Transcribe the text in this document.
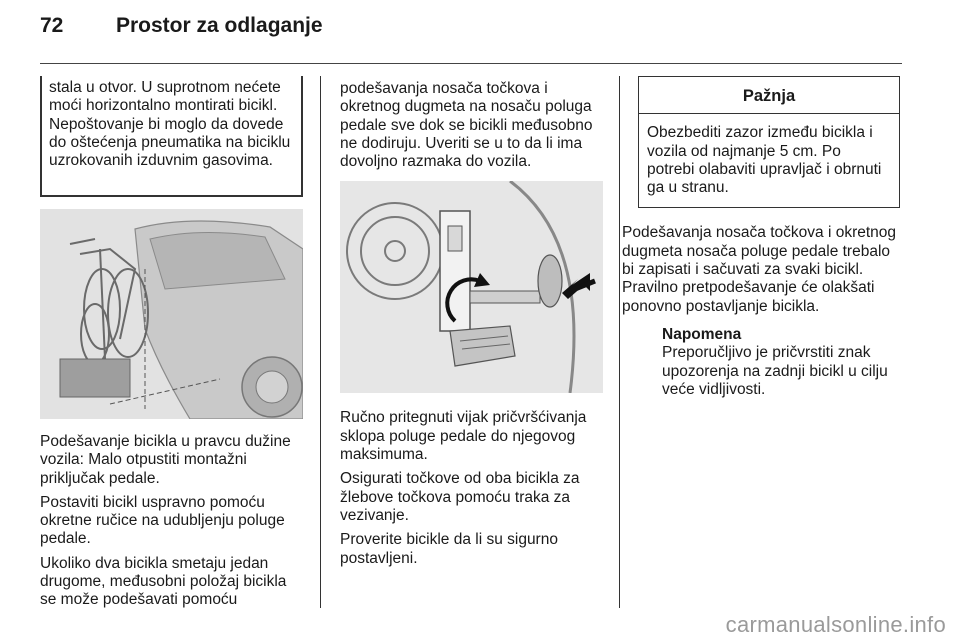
72	Prostor za odlaganje
stala u otvor. U suprotnom nećete moći horizontalno montirati bicikl. Nepoštovanje bi moglo da dovede do oštećenja pneumatika na biciklu uzrokovanih izduvnim gasovima.

Podešavanje bicikla u pravcu dužine vozila: Malo otpustiti montažni priključak pedale.

Postaviti bicikl uspravno pomoću okretne ručice na udubljenju poluge pedale.

Ukoliko dva bicikla smetaju jedan drugome, međusobni položaj bicikla se može podešavati pomoću

podešavanja nosača točkova i okretnog dugmeta na nosaču poluga pedale sve dok se bicikli međusobno ne dodiruju. Uveriti se u to da li ima dovoljno razmaka do vozila.

Ručno pritegnuti vijak pričvršćivanja sklopa poluge pedale do njegovog maksimuma.

Osigurati točkove od oba bicikla za žlebove točkova pomoću traka za vezivanje.

Proverite bicikle da li su sigurno postavljeni.

Pažnja
Obezbediti zazor između bicikla i vozila od najmanje 5 cm. Po potrebi olabaviti upravljač i obrnuti ga u stranu.

Podešavanja nosača točkova i okretnog dugmeta nosača poluge pedale trebalo bi zapisati i sačuvati za svaki bicikl. Pravilno pretpodešavanje će olakšati ponovno postavljanje bicikla.

Napomena
Preporučljivo je pričvrstiti znak upozorenja na zadnji bicikl u cilju veće vidljivosti.
carmanualsonline.info
